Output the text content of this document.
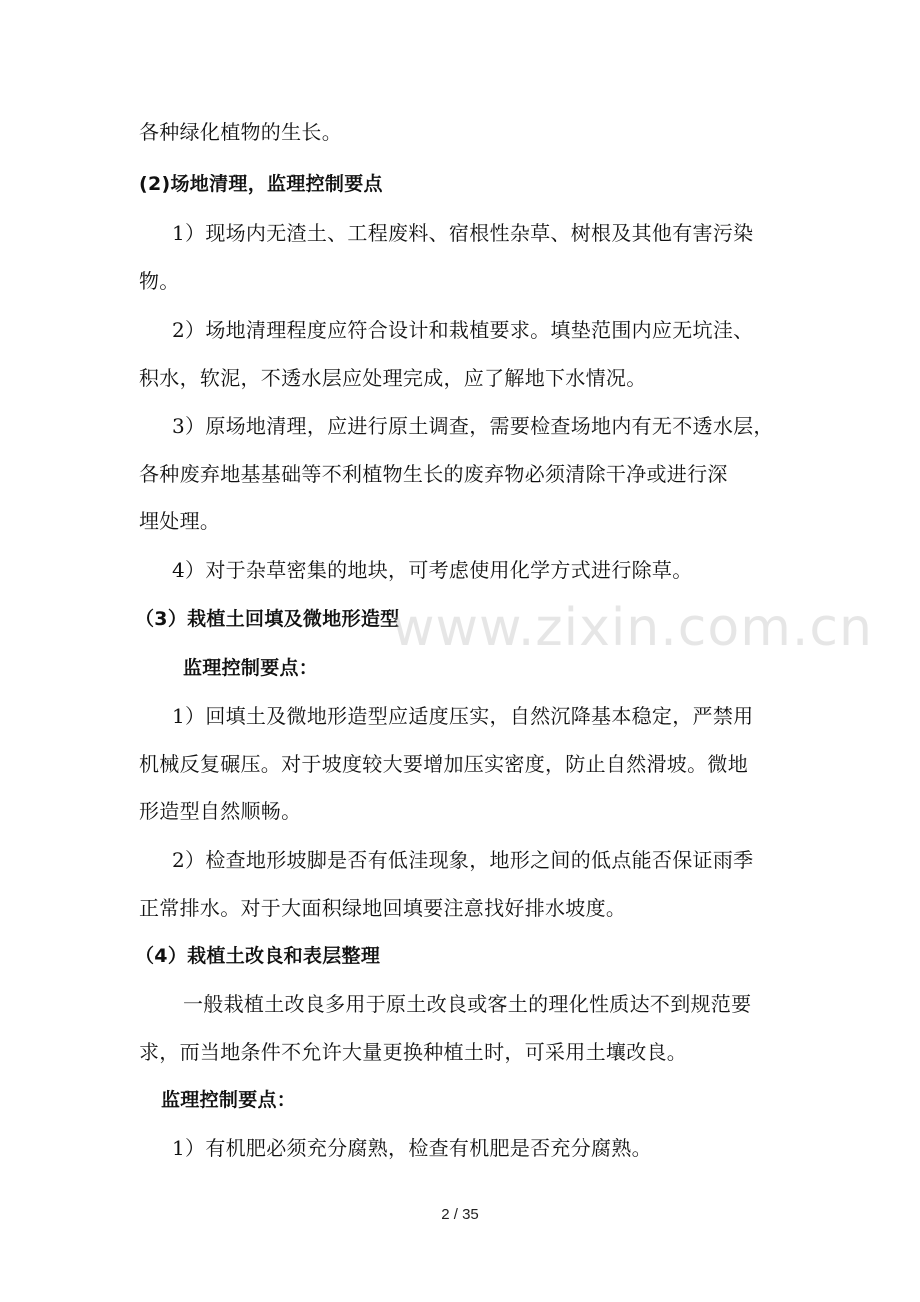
各种绿化植物的生长。
(2)场地清理，监理控制要点
1）现场内无渣土、工程废料、宿根性杂草、树根及其他有害污染
物。
2）场地清理程度应符合设计和栽植要求。填垫范围内应无坑洼、
积水，软泥，不透水层应处理完成，应了解地下水情况。
3）原场地清理，应进行原土调查，需要检查场地内有无不透水层，
各种废弃地基基础等不利植物生长的废弃物必须清除干净或进行深
埋处理。
4）对于杂草密集的地块，可考虑使用化学方式进行除草。
（3）栽植土回填及微地形造型
监理控制要点：
1）回填土及微地形造型应适度压实，自然沉降基本稳定，严禁用
机械反复碾压。对于坡度较大要增加压实密度，防止自然滑坡。微地
形造型自然顺畅。
2）检查地形坡脚是否有低洼现象，地形之间的低点能否保证雨季
正常排水。对于大面积绿地回填要注意找好排水坡度。
（4）栽植土改良和表层整理
一般栽植土改良多用于原土改良或客土的理化性质达不到规范要
求，而当地条件不允许大量更换种植土时，可采用土壤改良。
监理控制要点：
1）有机肥必须充分腐熟，检查有机肥是否充分腐熟。
www.zixin.com.cn
2 / 35
